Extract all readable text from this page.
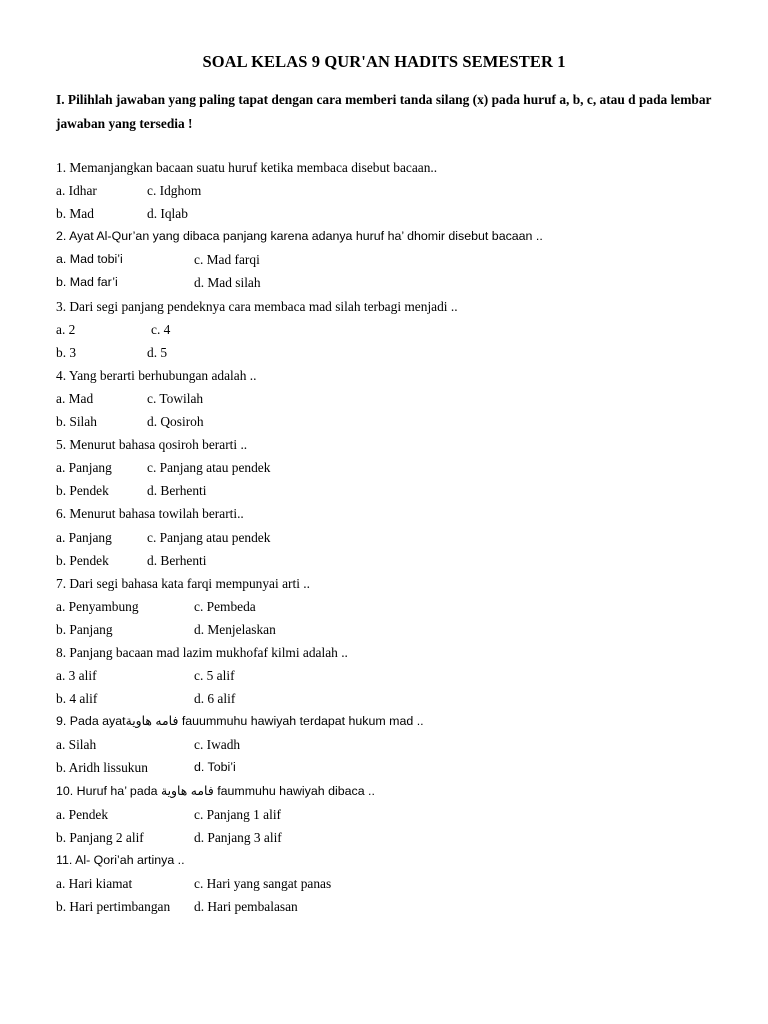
SOAL KELAS 9 QUR'AN HADITS SEMESTER 1
I. Pilihlah jawaban yang paling tapat dengan cara memberi tanda silang (x) pada huruf a, b, c, atau d pada lembar jawaban yang tersedia !
1. Memanjangkan bacaan suatu huruf ketika membaca disebut bacaan..
a. Idhar	c. Idghom
b. Mad	d. Iqlab
2. Ayat Al-Qur’an yang dibaca panjang karena adanya huruf ha’ dhomir disebut bacaan ..
a. Mad tobi’i	c. Mad farqi
b. Mad far’i	d. Mad silah
3. Dari segi panjang pendeknya cara membaca mad silah terbagi menjadi ..
a. 2	c. 4
b. 3	d. 5
4. Yang berarti berhubungan adalah ..
a. Mad	c. Towilah
b. Silah	d. Qosiroh
5. Menurut bahasa qosiroh berarti ..
a. Panjang	c. Panjang atau pendek
b. Pendek	d. Berhenti
6. Menurut bahasa towilah berarti..
a. Panjang	c. Panjang atau pendek
b. Pendek	d. Berhenti
7. Dari segi bahasa kata farqi mempunyai arti ..
a. Penyambung	c. Pembeda
b. Panjang	d. Menjelaskan
8. Panjang bacaan mad lazim mukhofaf kilmi adalah ..
a. 3 alif	c. 5 alif
b. 4 alif	d. 6 alif
9. Pada ayatفامه هاوية fauummuhu hawiyah terdapat hukum mad ..
a. Silah	c. Iwadh
b. Aridh lissukun	d. Tobi’i
10. Huruf ha’ pada فامه هاوية faummuhu hawiyah dibaca ..
a. Pendek	c. Panjang 1 alif
b. Panjang 2 alif	d. Panjang 3 alif
11. Al- Qori’ah artinya ..
a. Hari kiamat	c. Hari yang sangat panas
b. Hari pertimbangan d. Hari pembalasan
